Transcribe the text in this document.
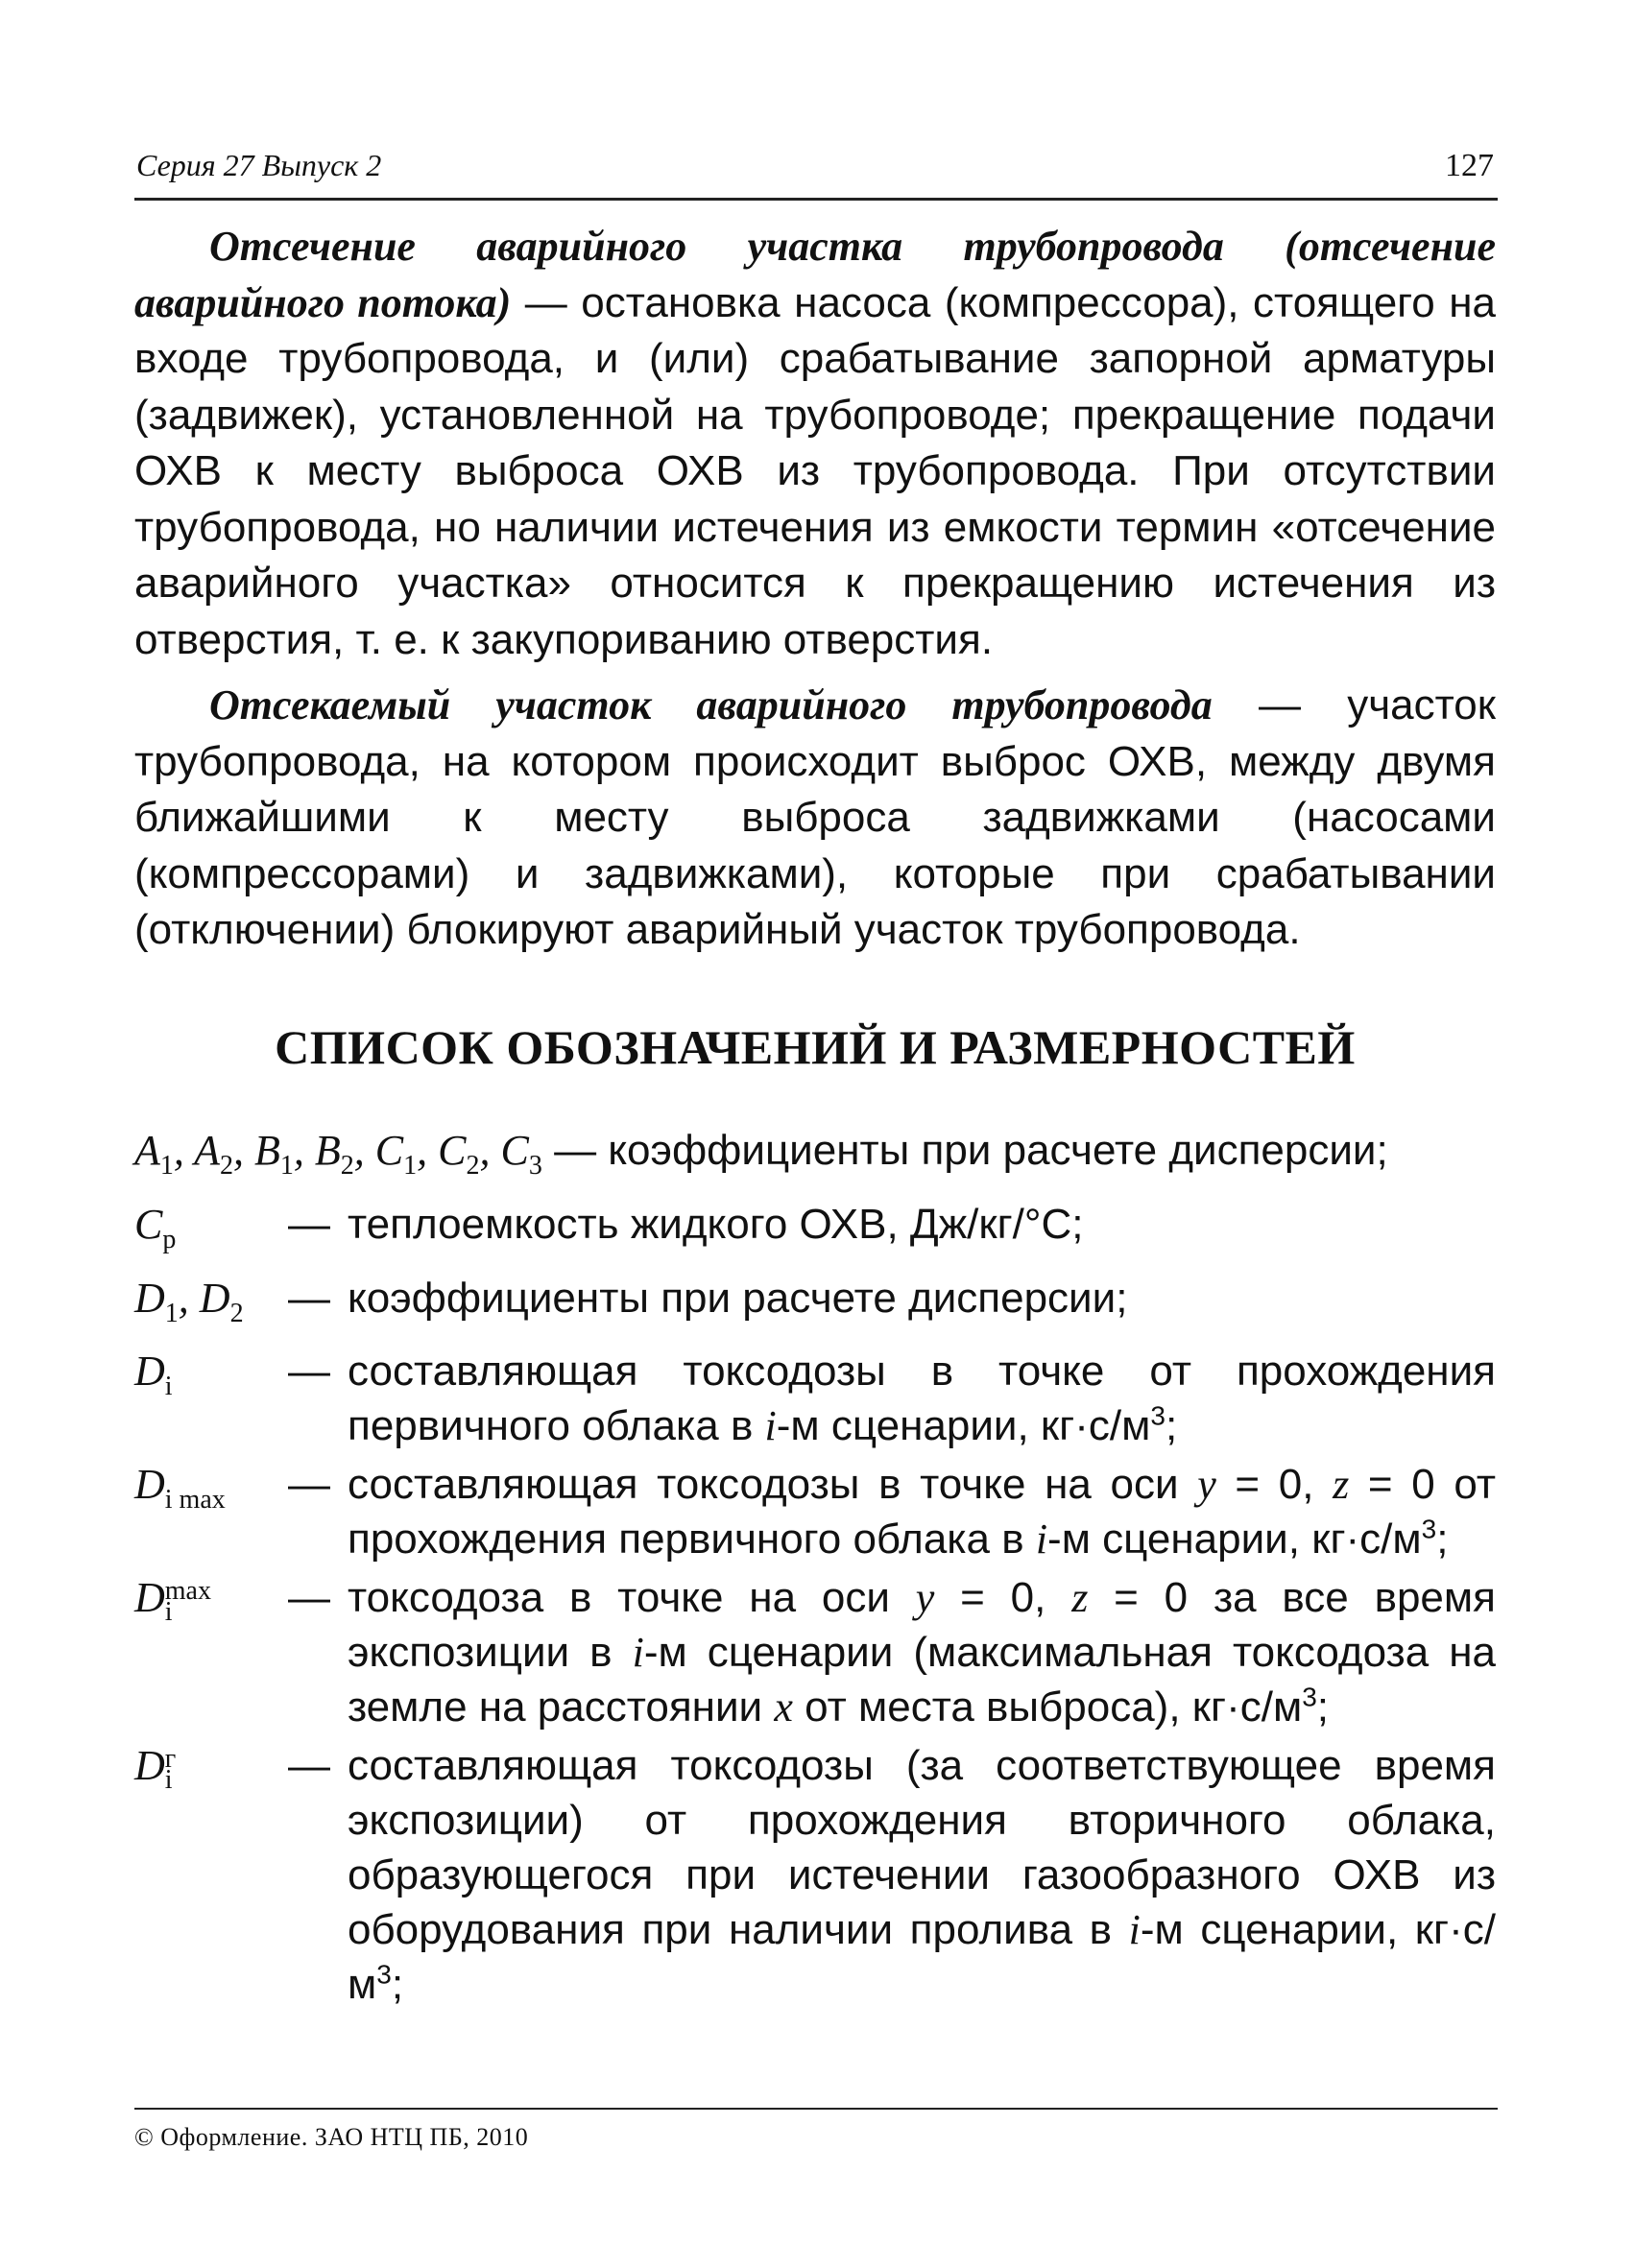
Серия 27 Выпуск 2	127

Отсечение аварийного участка трубопровода (отсечение аварийного потока) — остановка насоса (компрессора), стоящего на входе трубопровода, и (или) срабатывание запорной арматуры (задвижек), установленной на трубопроводе; прекращение подачи ОХВ к месту выброса ОХВ из трубопровода. При отсутствии трубопровода, но наличии истечения из емкости термин «отсечение аварийного участка» относится к прекращению истечения из отверстия, т. е. к закупориванию отверстия.

Отсекаемый участок аварийного трубопровода — участок трубопровода, на котором происходит выброс ОХВ, между двумя ближайшими к месту выброса задвижками (насосами (компрессорами) и задвижками), которые при срабатывании (отключении) блокируют аварийный участок трубопровода.

СПИСОК ОБОЗНАЧЕНИЙ И РАЗМЕРНОСТЕЙ
$A_1$, $A_2$, $B_1$, $B_2$, $C_1$, $C_2$, $C_3$ — коэффициенты при расчете дисперсии;
$C_p$	— теплоемкость жидкого ОХВ, Дж/кг/°С;
$D_1$, $D_2$	— коэффициенты при расчете дисперсии;
$D_i$	— составляющая токсодозы в точке от прохождения первичного облака в i-м сценарии, $кг\cdot с/м^3$;
$D_{i max}$	— составляющая токсодозы в точке на оси y = 0, z = 0 от прохождения первичного облака в i-м сценарии, $кг\cdot с/м^3$;
D max
i	— токсодоза в точке на оси y = 0, z = 0 за все время экспозиции в i-м сценарии (максимальная токсодоза на земле на расстоянии x от места выброса), $кг\cdot с/м^3$;
D г
i	— составляющая токсодозы (за соответствующее время экспозиции) от прохождения вторичного облака, образующегося при истечении газообразного ОХВ из оборудования при наличии пролива в i-м сценарии, $кг\cdot с/м^3$;
© Оформление. ЗАО НТЦ ПБ, 2010
